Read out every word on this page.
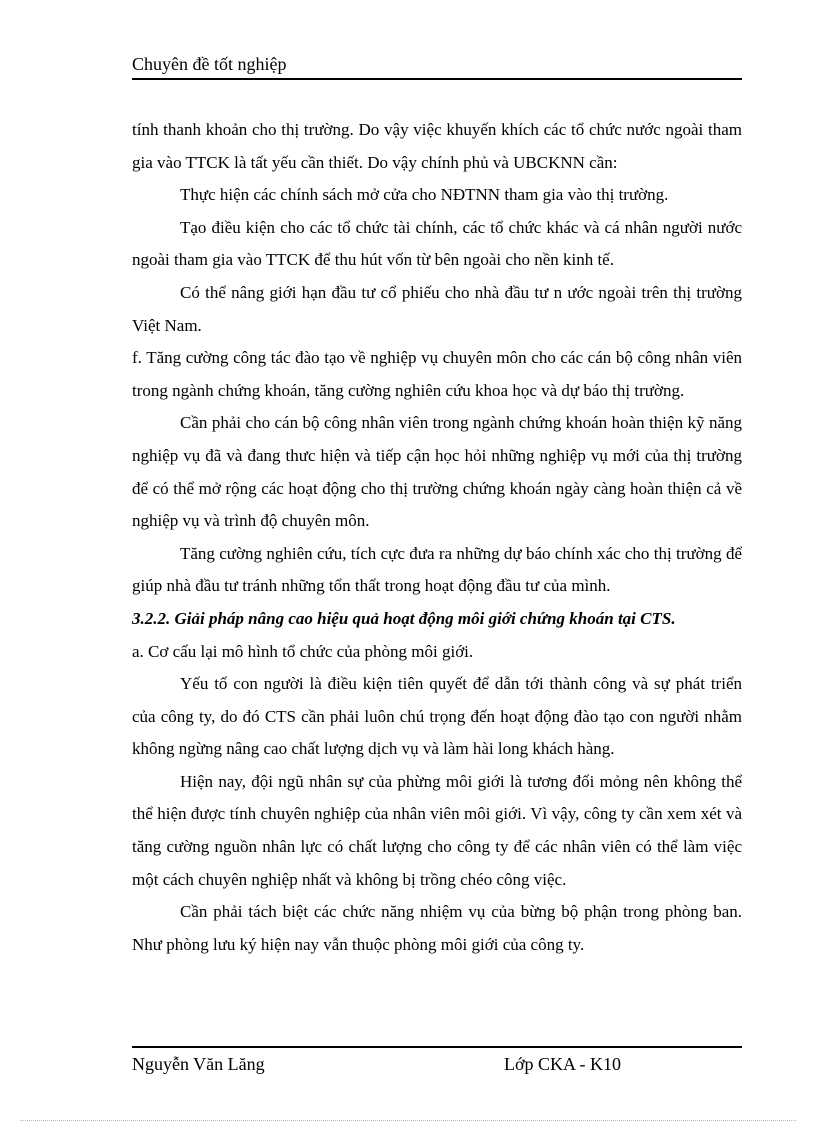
Chuyên đề tốt nghiệp

tính thanh khoản cho thị trường. Do vậy việc khuyến khích các tổ chức nước ngoài tham gia vào TTCK là tất yếu cần thiết. Do vậy chính phủ và UBCKNN cần:

Thực hiện các chính sách mở cửa cho NĐTNN tham gia vào thị trường.

Tạo điều kiện cho các tổ chức tài chính, các tổ chức khác và cá nhân người nước ngoài tham gia vào TTCK để thu hút vốn từ bên ngoài cho nền kinh tế.

Có thể nâng giới hạn đầu tư cổ phiếu cho nhà đầu tư n ước ngoài trên thị trường Việt Nam.

f. Tăng cường công tác đào tạo về nghiệp vụ chuyên môn cho các cán bộ công nhân viên trong ngành chứng khoán, tăng cường nghiên cứu khoa học và dự báo thị trường.

Cần phải cho cán bộ công nhân viên trong ngành chứng khoán hoàn thiện kỹ năng nghiệp vụ đã và đang thưc hiện và tiếp cận học hỏi những nghiệp vụ mới của thị trường để có thể mở rộng các hoạt động cho thị trường chứng khoán ngày càng hoàn thiện cả về nghiệp vụ và trình độ chuyên môn.

Tăng cường nghiên cứu, tích cực đưa ra những dự báo chính xác cho thị trường để giúp nhà đầu tư tránh những tổn thất trong hoạt động đầu tư của mình.

3.2.2. Giải pháp nâng cao hiệu quả hoạt động môi giới chứng khoán tại CTS.

a. Cơ cấu lại mô hình tổ chức của phòng môi giới.

Yếu tố con người là điều kiện tiên quyết để dẫn tới thành công và sự phát triển của công ty, do đó CTS cần phải luôn chú trọng đến hoạt động đào tạo con người nhằm không ngừng nâng cao chất lượng dịch vụ và làm hài long khách hàng.

Hiện nay, đội ngũ nhân sự của phừng môi giới là tương đối mỏng nên không thể thể hiện được tính chuyên nghiệp của nhân viên môi giới. Vì vậy, công ty cần xem xét và tăng cường nguồn nhân lực có chất lượng cho công ty để các nhân viên có thể làm việc một cách chuyên nghiệp nhất và không bị trồng chéo công việc.

Cần phải tách biệt các chức năng nhiệm vụ của bừng bộ phận trong phòng ban. Như phòng lưu ký hiện nay vẫn thuộc phòng môi giới của công ty.

Nguyễn Văn Lăng	Lớp CKA - K10
